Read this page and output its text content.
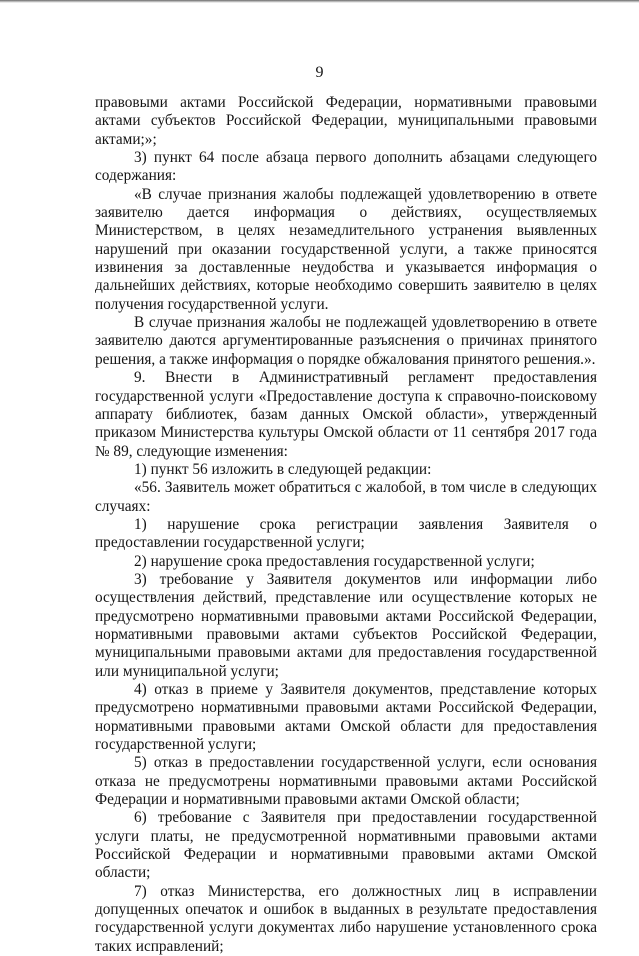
9

правовыми актами Российской Федерации, нормативными правовыми актами субъектов Российской Федерации, муниципальными правовыми актами;»;

3) пункт 64 после абзаца первого дополнить абзацами следующего содержания:

«В случае признания жалобы подлежащей удовлетворению в ответе заявителю дается информация о действиях, осуществляемых Министерством, в целях незамедлительного устранения выявленных нарушений при оказании государственной услуги, а также приносятся извинения за доставленные неудобства и указывается информация о дальнейших действиях, которые необходимо совершить заявителю в целях получения государственной услуги.

В случае признания жалобы не подлежащей удовлетворению в ответе заявителю даются аргументированные разъяснения о причинах принятого решения, а также информация о порядке обжалования принятого решения.».

9. Внести в Административный регламент предоставления государственной услуги «Предоставление доступа к справочно-поисковому аппарату библиотек, базам данных Омской области», утвержденный приказом Министерства культуры Омской области от 11 сентября 2017 года № 89, следующие изменения:

1) пункт 56 изложить в следующей редакции:

«56. Заявитель может обратиться с жалобой, в том числе в следующих случаях:

1) нарушение срока регистрации заявления Заявителя о предоставлении государственной услуги;

2) нарушение срока предоставления государственной услуги;

3) требование у Заявителя документов или информации либо осуществления действий, представление или осуществление которых не предусмотрено нормативными правовыми актами Российской Федерации, нормативными правовыми актами субъектов Российской Федерации, муниципальными правовыми актами для предоставления государственной или муниципальной услуги;

4) отказ в приеме у Заявителя документов, представление которых предусмотрено нормативными правовыми актами Российской Федерации, нормативными правовыми актами Омской области для предоставления государственной услуги;

5) отказ в предоставлении государственной услуги, если основания отказа не предусмотрены нормативными правовыми актами Российской Федерации и нормативными правовыми актами Омской области;

6) требование с Заявителя при предоставлении государственной услуги платы, не предусмотренной нормативными правовыми актами Российской Федерации и нормативными правовыми актами Омской области;

7) отказ Министерства, его должностных лиц в исправлении допущенных опечаток и ошибок в выданных в результате предоставления государственной услуги документах либо нарушение установленного срока таких исправлений;
